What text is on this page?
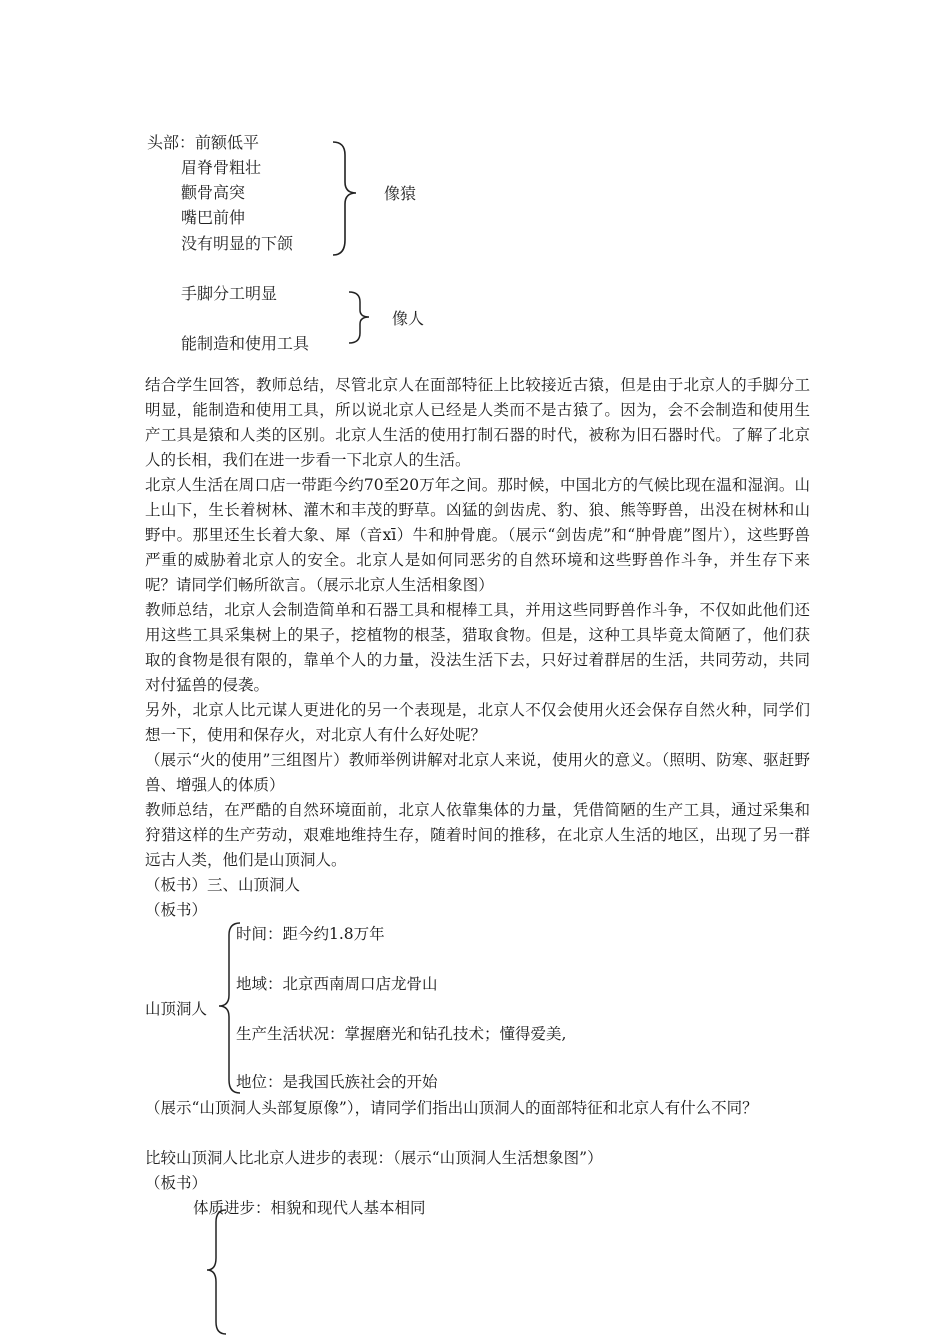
头部：前额低平
眉脊骨粗壮
颧骨高突
嘴巴前伸
没有明显的下颌
像猿
手脚分工明显
能制造和使用工具
像人

结合学生回答，教师总结，尽管北京人在面部特征上比较接近古猿，但是由于北京人的手脚分工明显，能制造和使用工具，所以说北京人已经是人类而不是古猿了。因为，会不会制造和使用生产工具是猿和人类的区别。北京人生活的使用打制石器的时代，被称为旧石器时代。了解了北京人的长相，我们在进一步看一下北京人的生活。

北京人生活在周口店一带距今约70至20万年之间。那时候，中国北方的气候比现在温和湿润。山上山下，生长着树林、灌木和丰茂的野草。凶猛的剑齿虎、豹、狼、熊等野兽，出没在树林和山野中。那里还生长着大象、犀（音xī）牛和肿骨鹿。（展示“剑齿虎”和“肿骨鹿”图片），这些野兽严重的威胁着北京人的安全。北京人是如何同恶劣的自然环境和这些野兽作斗争，并生存下来呢？请同学们畅所欲言。（展示北京人生活相象图）

教师总结，北京人会制造简单和石器工具和棍棒工具，并用这些同野兽作斗争，不仅如此他们还用这些工具采集树上的果子，挖植物的根茎，猎取食物。但是，这种工具毕竟太简陋了，他们获取的食物是很有限的，靠单个人的力量，没法生活下去，只好过着群居的生活，共同劳动，共同对付猛兽的侵袭。

另外，北京人比元谋人更进化的另一个表现是，北京人不仅会使用火还会保存自然火种，同学们想一下，使用和保存火，对北京人有什么好处呢？

（展示“火的使用”三组图片）教师举例讲解对北京人来说，使用火的意义。（照明、防寒、驱赶野兽、增强人的体质）

教师总结，在严酷的自然环境面前，北京人依靠集体的力量，凭借简陋的生产工具，通过采集和狩猎这样的生产劳动，艰难地维持生存，随着时间的推移，在北京人生活的地区，出现了另一群远古人类，他们是山顶洞人。

（板书）三、山顶洞人
（板书）
山顶洞人
时间：距今约1.8万年
地域：北京西南周口店龙骨山
生产生活状况：掌握磨光和钻孔技术；懂得爱美,
地位：是我国氏族社会的开始

（展示“山顶洞人头部复原像”），请同学们指出山顶洞人的面部特征和北京人有什么不同？

比较山顶洞人比北京人进步的表现：（展示“山顶洞人生活想象图”）
（板书）
体质进步：相貌和现代人基本相同
